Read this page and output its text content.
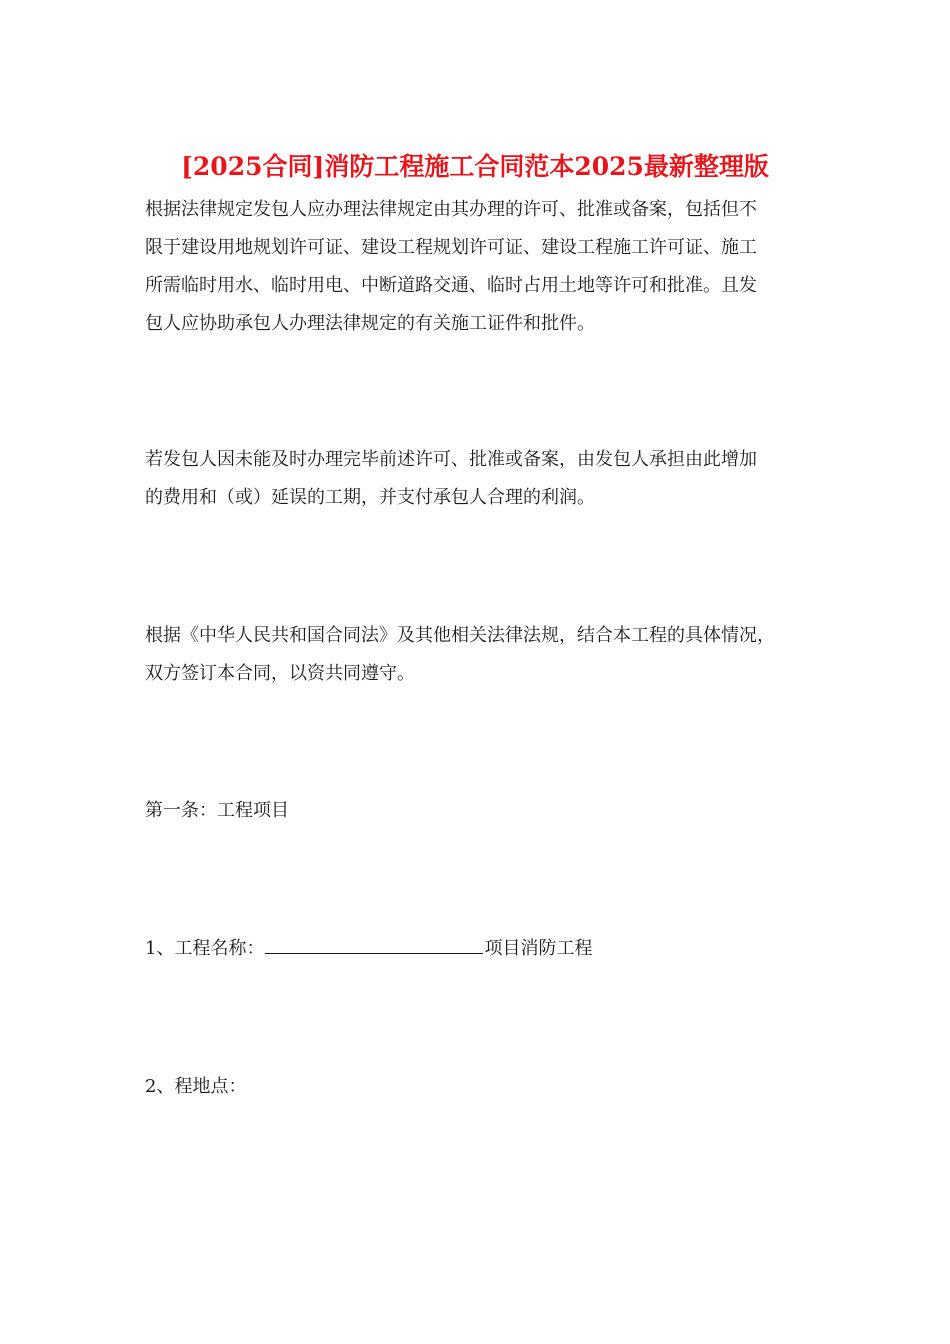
[2025合同]消防工程施工合同范本2025最新整理版

根据法律规定发包人应办理法律规定由其办理的许可、批准或备案，包括但不
限于建设用地规划许可证、建设工程规划许可证、建设工程施工许可证、施工
所需临时用水、临时用电、中断道路交通、临时占用土地等许可和批准。且发
包人应协助承包人办理法律规定的有关施工证件和批件。

若发包人因未能及时办理完毕前述许可、批准或备案，由发包人承担由此增加
的费用和（或）延误的工期，并支付承包人合理的利润。

根据《中华人民共和国合同法》及其他相关法律法规，结合本工程的具体情况，
双方签订本合同，以资共同遵守。

第一条：工程项目

1、工程名称：	项目消防工程

2、程地点：
